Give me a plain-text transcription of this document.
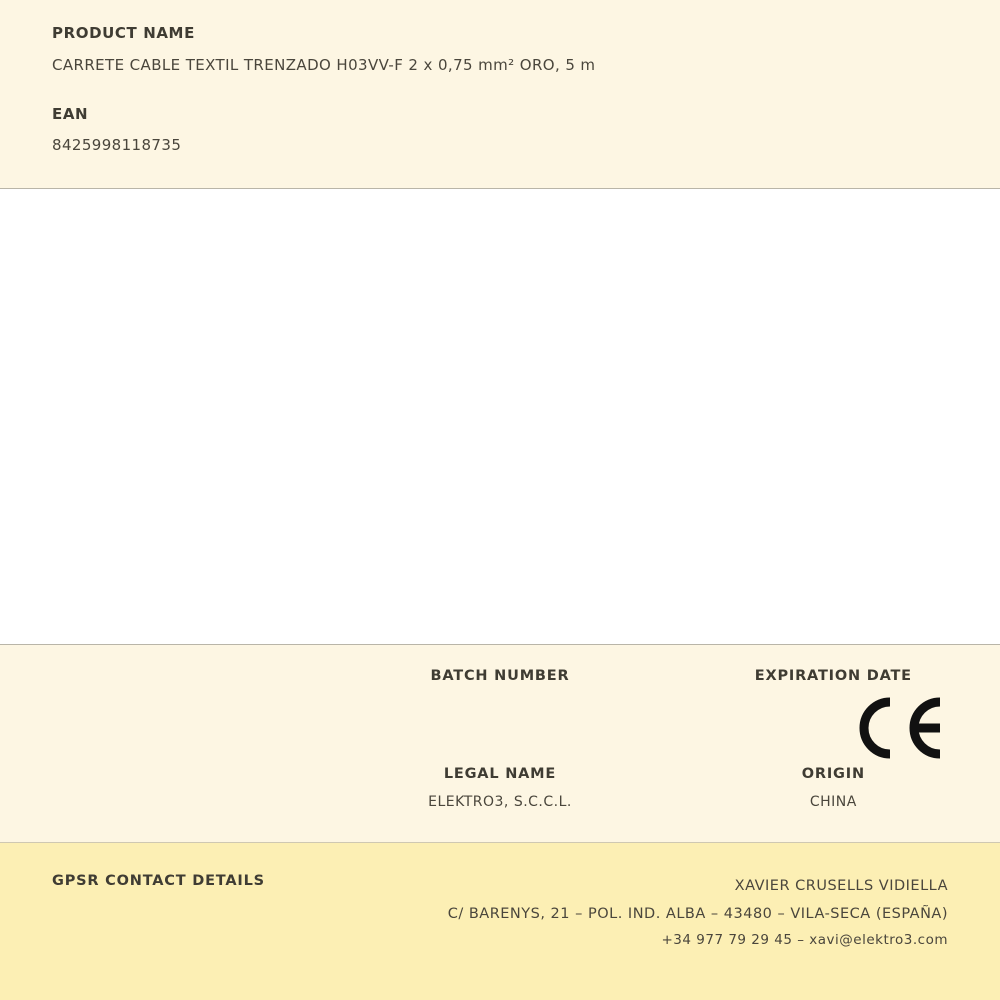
PRODUCT NAME
CARRETE CABLE TEXTIL TRENZADO H03VV-F 2 x 0,75 mm² ORO, 5 m
EAN
8425998118735
BATCH NUMBER	EXPIRATION DATE
LEGAL NAME
ELEKTRO3, S.C.C.L.
ORIGIN
CHINA
GPSR CONTACT DETAILS	XAVIER CRUSELLS VIDIELLA
C/ BARENYS, 21 – POL. IND. ALBA – 43480 – VILA-SECA (ESPAÑA)
+34 977 79 29 45 – xavi@elektro3.com
